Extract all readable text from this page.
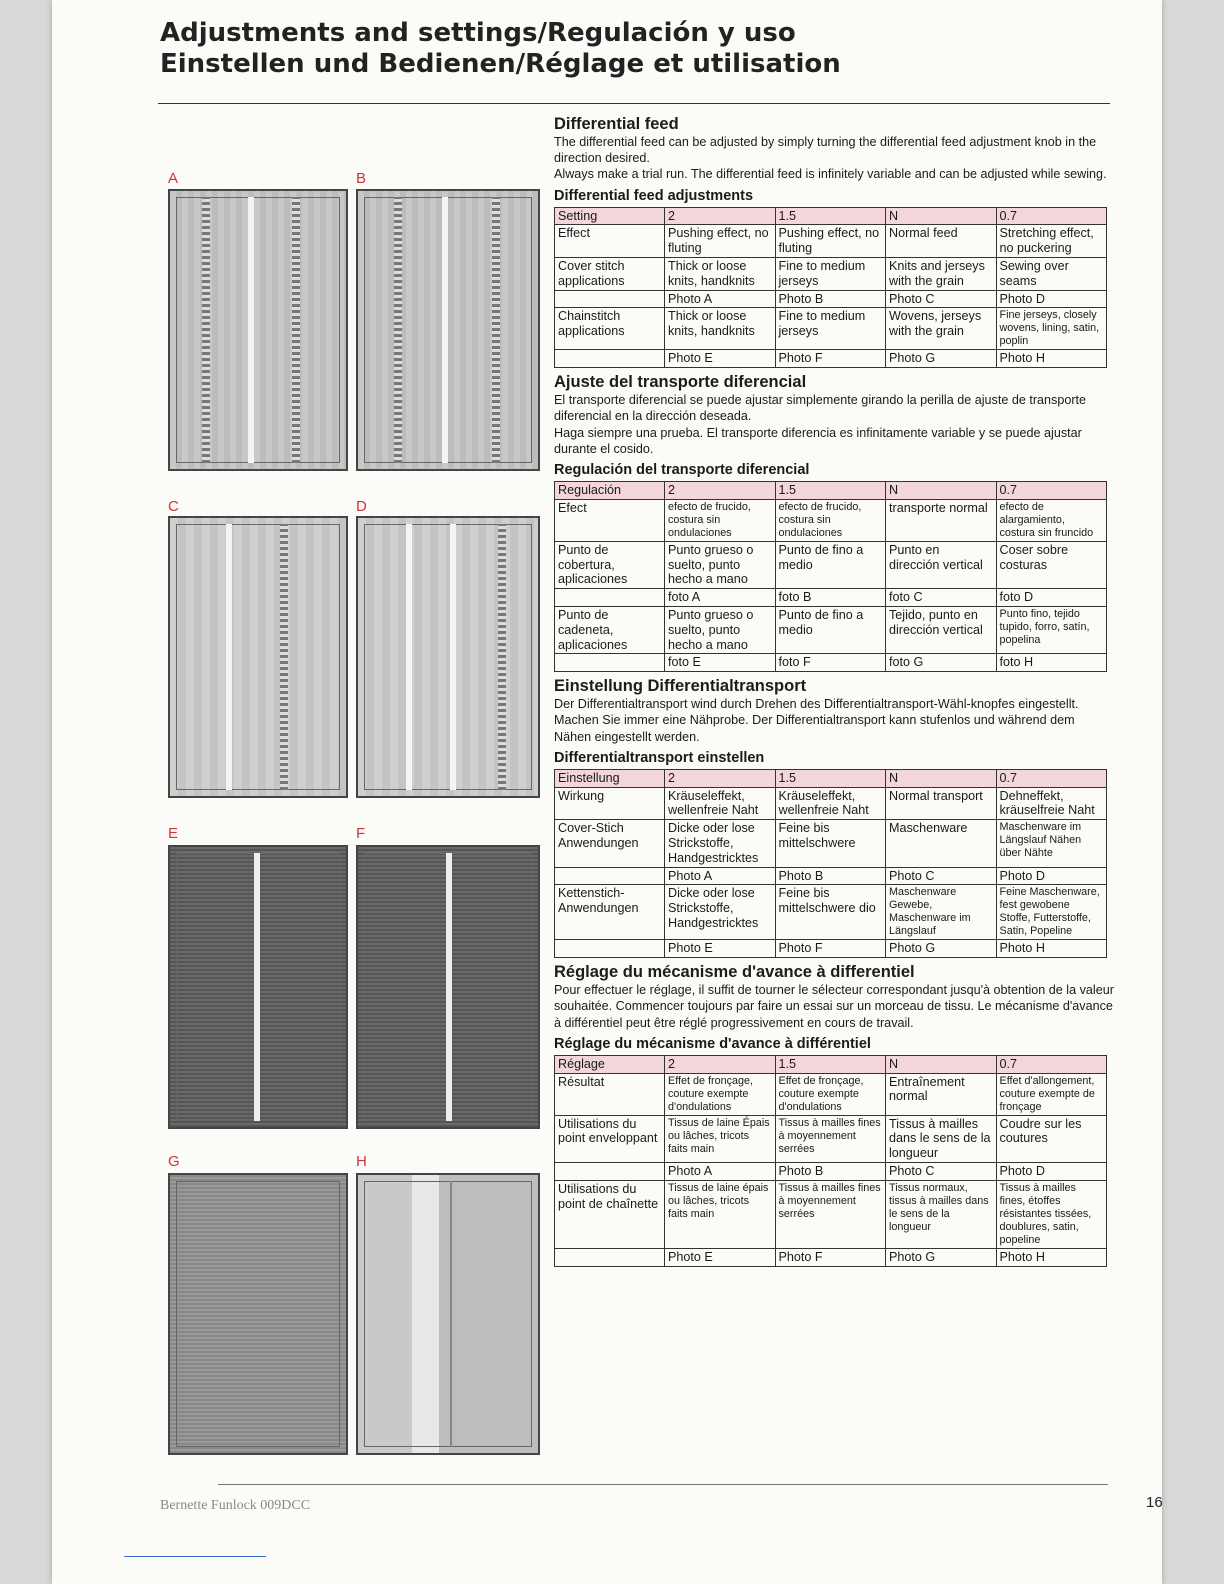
Adjustments and settings/Regulación y uso
Einstellen und Bedienen/Réglage et utilisation
A	B
C	D
E	F
G	H
Differential feed

The differential feed can be adjusted by simply turning the differential feed adjustment knob in the direction desired.

Always make a trial run. The differential feed is infinitely variable and can be adjusted while sewing.

Differential feed adjustments
Setting	2	1.5	N	0.7
Effect	Pushing effect, no fluting	Pushing effect, no fluting	Normal feed	Stretching effect, no puckering
Cover stitch applications	Thick or loose knits, handknits	Fine to medium jerseys	Knits and jerseys with the grain	Sewing over seams
	Photo A	Photo B	Photo C	Photo D
Chainstitch applications	Thick or loose knits, handknits	Fine to medium jerseys	Wovens, jerseys with the grain	Fine jerseys, closely wovens, lining, satin, poplin
	Photo E	Photo F	Photo G	Photo H
Ajuste del transporte diferencial

El transporte diferencial se puede ajustar simplemente girando la perilla de ajuste de transporte diferencial en la dirección deseada.

Haga siempre una prueba. El transporte diferencia es infinitamente variable y se puede ajustar durante el cosido.

Regulación del transporte diferencial
Regulación	2	1.5	N	0.7
Efect	efecto de frucido, costura sin ondulaciones	efecto de frucido, costura sin ondulaciones	transporte normal	efecto de alargamiento, costura sin fruncido
Punto de cobertura, aplicaciones	Punto grueso o suelto, punto hecho a mano	Punto de fino a medio	Punto en dirección vertical	Coser sobre costuras
	foto A	foto B	foto C	foto D
Punto de cadeneta, aplicaciones	Punto grueso o suelto, punto hecho a mano	Punto de fino a medio	Tejido, punto en dirección vertical	Punto fino, tejido tupido, forro, satín, popelina
	foto E	foto F	foto G	foto H
Einstellung Differentialtransport

Der Differentialtransport wind durch Drehen des Differentialtransport-Wähl-knopfes eingestellt.

Machen Sie immer eine Nähprobe. Der Differentialtransport kann stufenlos und während dem Nähen eingestellt werden.

Differentialtransport einstellen
Einstellung	2	1.5	N	0.7
Wirkung	Kräuseleffekt, wellenfreie Naht	Kräuseleffekt, wellenfreie Naht	Normal transport	Dehneffekt, kräuselfreie Naht
Cover-Stich Anwendungen	Dicke oder lose Strickstoffe, Handgestricktes	Feine bis mittelschwere	Maschenware	Maschenware im Längslauf Nähen über Nähte
	Photo A	Photo B	Photo C	Photo D
Kettenstich-Anwendungen	Dicke oder lose Strickstoffe, Handgestricktes	Feine bis mittelschwere dio	Maschenware Gewebe, Maschenware im Längslauf	Feine Maschenware, fest gewobene Stoffe, Futterstoffe, Satin, Popeline
	Photo E	Photo F	Photo G	Photo H
Réglage du mécanisme d'avance à differentiel

Pour effectuer le réglage, il suffit de tourner le sélecteur correspondant jusqu'à obtention de la valeur souhaitée. Commencer toujours par faire un essai sur un morceau de tissu. Le mécanisme d'avance à différentiel peut être réglé progressivement en cours de travail.

Réglage du mécanisme d'avance à différentiel
Réglage	2	1.5	N	0.7
Résultat	Effet de fronçage, couture exempte d'ondulations	Effet de fronçage, couture exempte d'ondulations	Entraînement normal	Effet d'allongement, couture exempte de fronçage
Utilisations du point enveloppant	Tissus de laine Épais ou lâches, tricots faits main	Tissus à mailles fines à moyennement serrées	Tissus à mailles dans le sens de la longueur	Coudre sur les coutures
	Photo A	Photo B	Photo C	Photo D
Utilisations du point de chaînette	Tissus de laine épais ou lâches, tricots faits main	Tissus à mailles fines à moyennement serrées	Tissus normaux, tissus à mailles dans le sens de la longueur	Tissus à mailles fines, étoffes résistantes tissées, doublures, satin, popeline
	Photo E	Photo F	Photo G	Photo H
Bernette Funlock 009DCC	16
